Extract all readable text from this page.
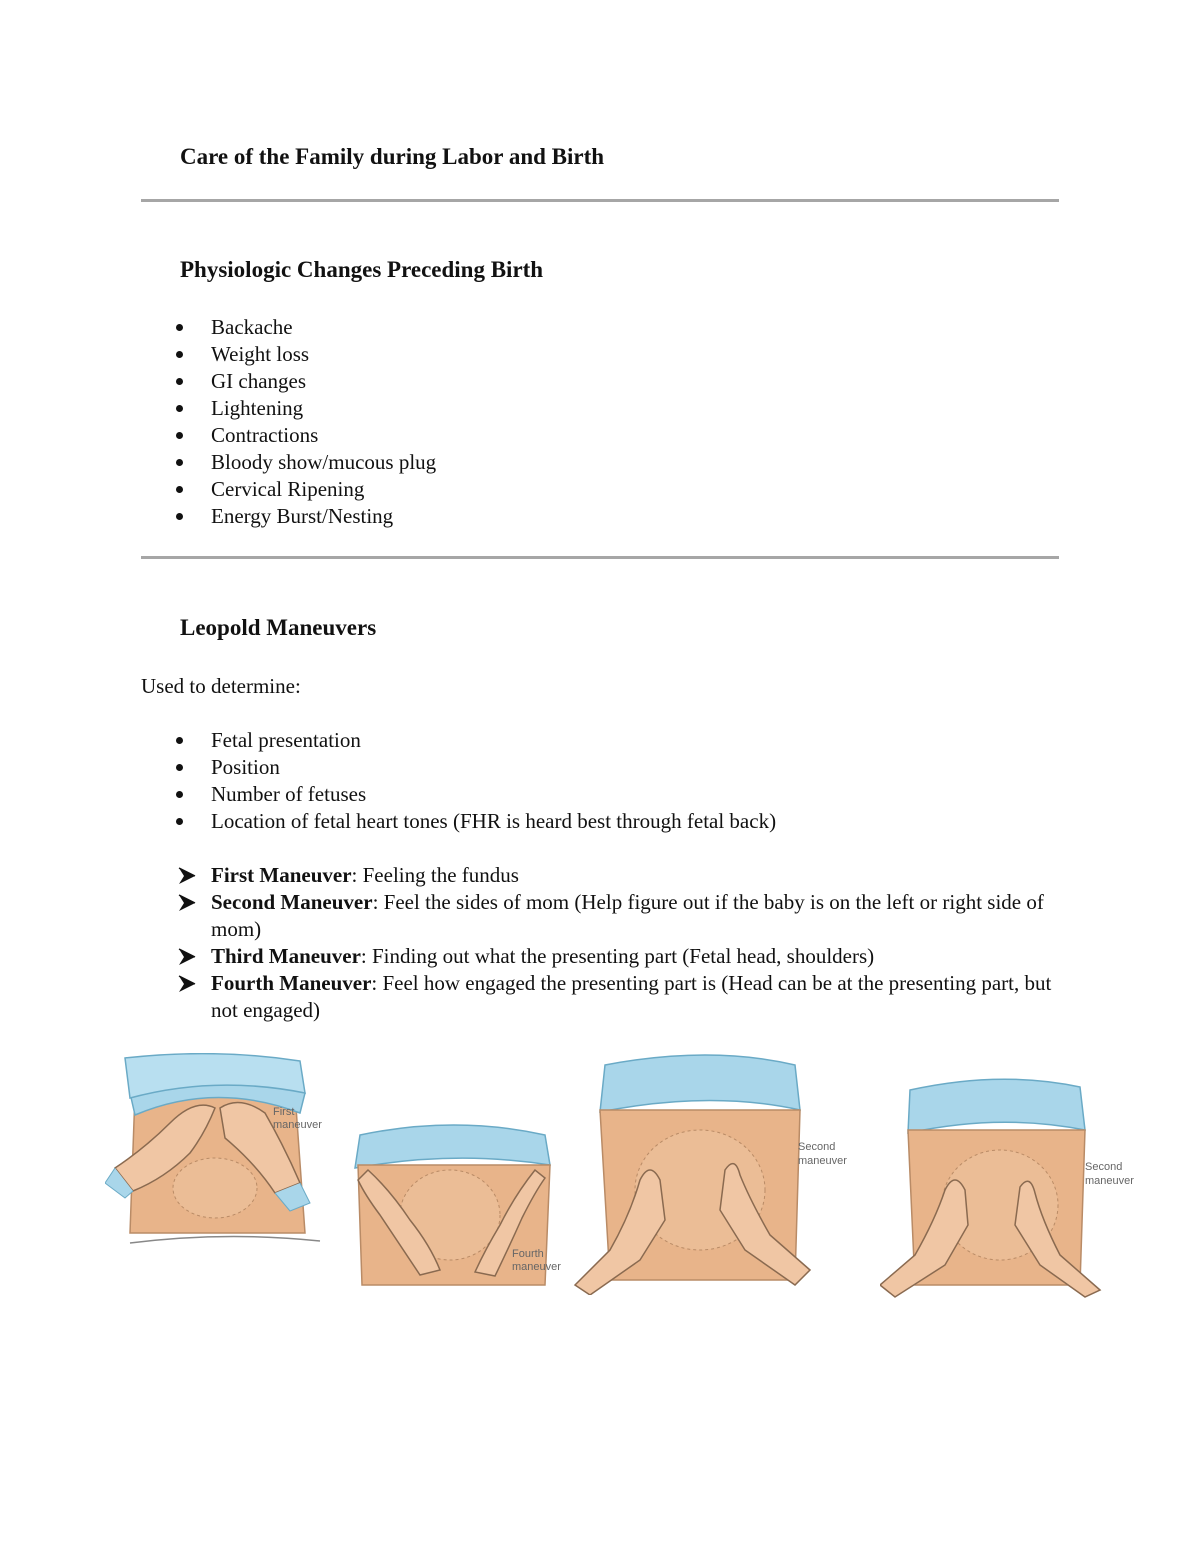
Care of the Family during Labor and Birth
Physiologic Changes Preceding Birth
Backache
Weight loss
GI changes
Lightening
Contractions
Bloody show/mucous plug
Cervical Ripening
Energy Burst/Nesting
Leopold Maneuvers

Used to determine:

Fetal presentation
Position
Number of fetuses
Location of fetal heart tones (FHR is heard best through fetal back)
First Maneuver: Feeling the fundus
Second Maneuver: Feel the sides of mom (Help figure out if the baby is on the left or right side of mom)
Third Maneuver: Finding out what the presenting part (Fetal head, shoulders)
Fourth Maneuver: Feel how engaged the presenting part is (Head can be at the presenting part, but not engaged)
First
maneuver
Fourth
maneuver
Second
maneuver	Second
maneuver
